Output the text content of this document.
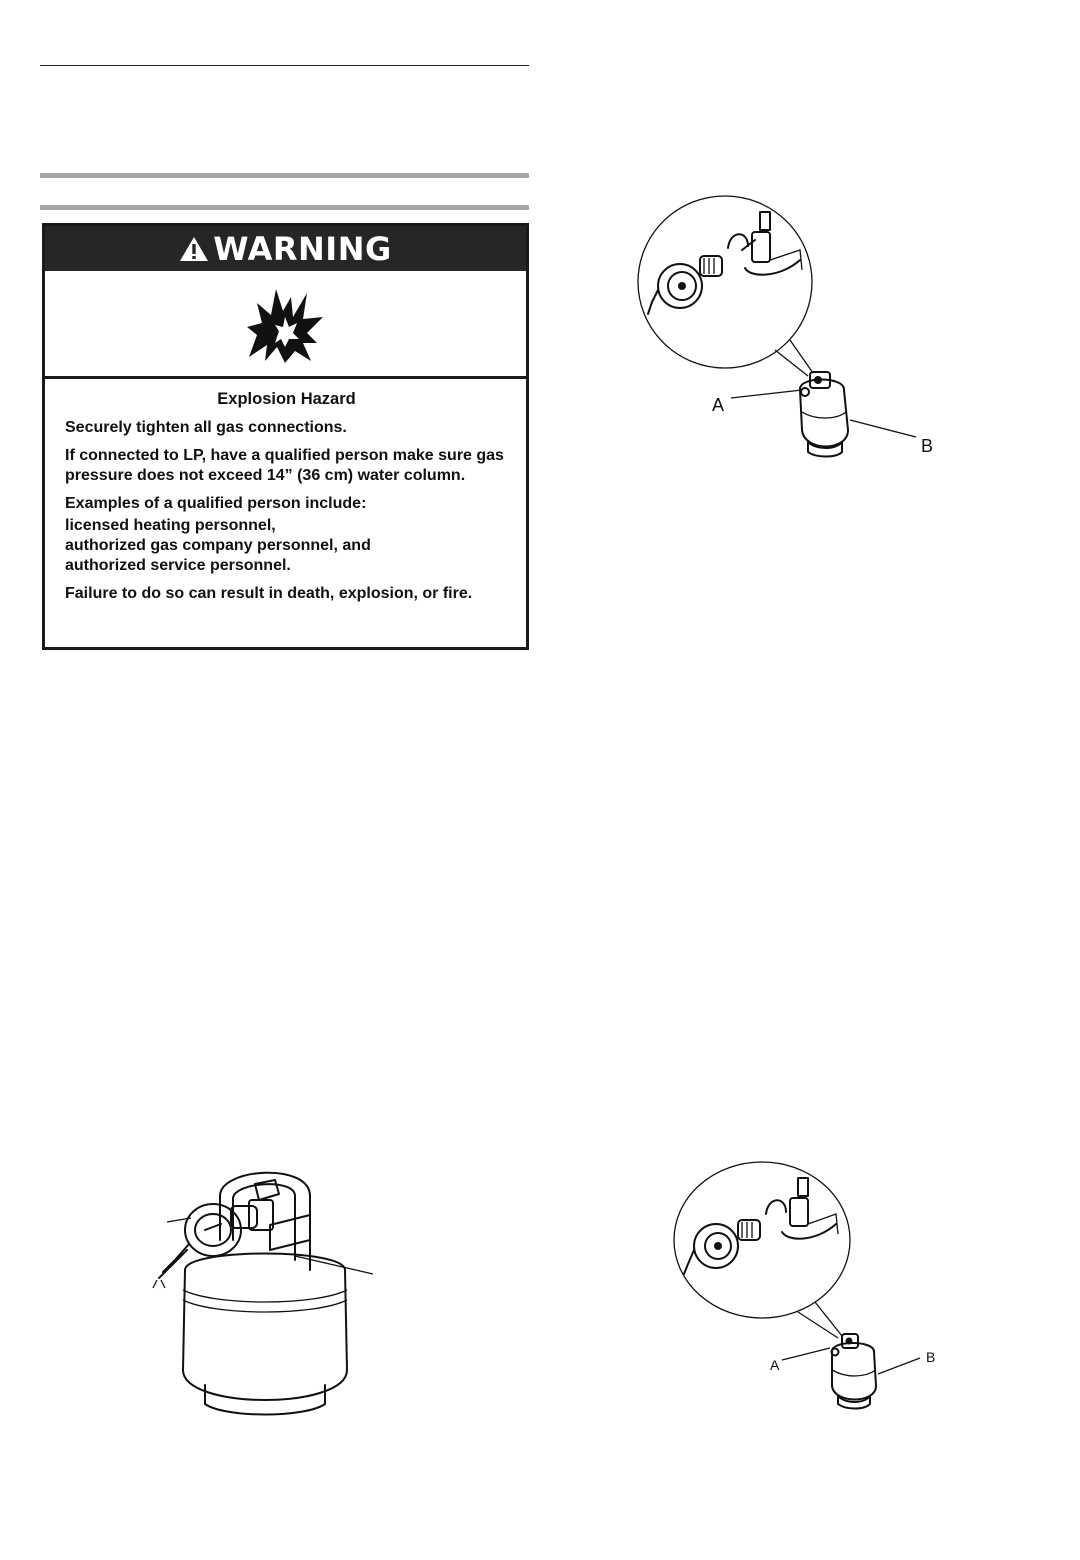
WARNING
Explosion Hazard

Securely tighten all gas connections.

If connected to LP, have a qualified person make sure gas pressure does not exceed 14” (36 cm) water column.

Examples of a qualified person include:

licensed heating personnel,
authorized gas company personnel, and
authorized service personnel.

Failure to do so can result in death, explosion, or fire.

A
B
A	B
